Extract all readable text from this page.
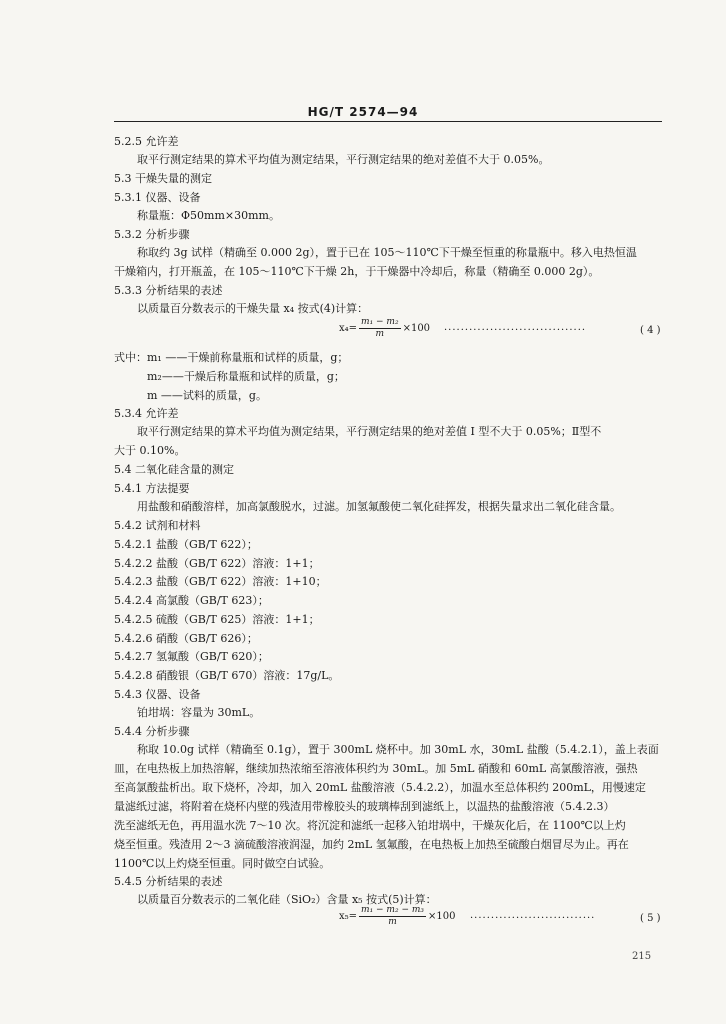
HG/T 2574—94
5.2.5 允许差
取平行测定结果的算术平均值为测定结果，平行测定结果的绝对差值不大于 0.05%。
5.3 干燥失量的测定
5.3.1 仪器、设备
称量瓶：Φ50mm×30mm。
5.3.2 分析步骤
称取约 3g 试样（精确至 0.000 2g），置于已在 105～110℃下干燥至恒重的称量瓶中。移入电热恒温
干燥箱内，打开瓶盖，在 105～110℃下干燥 2h，于干燥器中冷却后，称量（精确至 0.000 2g）。
5.3.3 分析结果的表述
以质量百分数表示的干燥失量 x₄ 按式(4)计算：
式中：m₁ ——干燥前称量瓶和试样的质量，g；
m₂——干燥后称量瓶和试样的质量，g；
m ——试料的质量，g。
5.3.4 允许差
取平行测定结果的算术平均值为测定结果，平行测定结果的绝对差值 I 型不大于 0.05%；Ⅱ型不
大于 0.10%。
5.4 二氧化硅含量的测定
5.4.1 方法提要
用盐酸和硝酸溶样，加高氯酸脱水，过滤。加氢氟酸使二氧化硅挥发，根据失量求出二氧化硅含量。
5.4.2 试剂和材料
5.4.2.1 盐酸（GB/T 622）；
5.4.2.2 盐酸（GB/T 622）溶液：1+1；
5.4.2.3 盐酸（GB/T 622）溶液：1+10；
5.4.2.4 高氯酸（GB/T 623）；
5.4.2.5 硫酸（GB/T 625）溶液：1+1；
5.4.2.6 硝酸（GB/T 626）；
5.4.2.7 氢氟酸（GB/T 620）；
5.4.2.8 硝酸银（GB/T 670）溶液：17g/L。
5.4.3 仪器、设备
铂坩埚：容量为 30mL。
5.4.4 分析步骤
称取 10.0g 试样（精确至 0.1g），置于 300mL 烧杯中。加 30mL 水，30mL 盐酸（5.4.2.1），盖上表面
皿，在电热板上加热溶解，继续加热浓缩至溶液体积约为 30mL。加 5mL 硝酸和 60mL 高氯酸溶液，强热
至高氯酸盐析出。取下烧杯，冷却，加入 20mL 盐酸溶液（5.4.2.2），加温水至总体积约 200mL，用慢速定
量滤纸过滤，将附着在烧杯内壁的残渣用带橡胶头的玻璃棒刮到滤纸上，以温热的盐酸溶液（5.4.2.3）
洗至滤纸无色，再用温水洗 7～10 次。将沉淀和滤纸一起移入铂坩埚中，干燥灰化后，在 1100℃以上灼
烧至恒重。残渣用 2～3 滴硫酸溶液润湿，加约 2mL 氢氟酸，在电热板上加热至硫酸白烟冒尽为止。再在
1100℃以上灼烧至恒重。同时做空白试验。
5.4.5 分析结果的表述
以质量百分数表示的二氧化硅（SiO₂）含量 x₅ 按式(5)计算：
$x_4= \frac{\text{m₁ − m₂}}{m} \times 100$ ··································	( 4 )
$x_5= \frac{\text{m₁ − m₂ − m₃}}{m} \times 100$ ······························	( 5 )
215
